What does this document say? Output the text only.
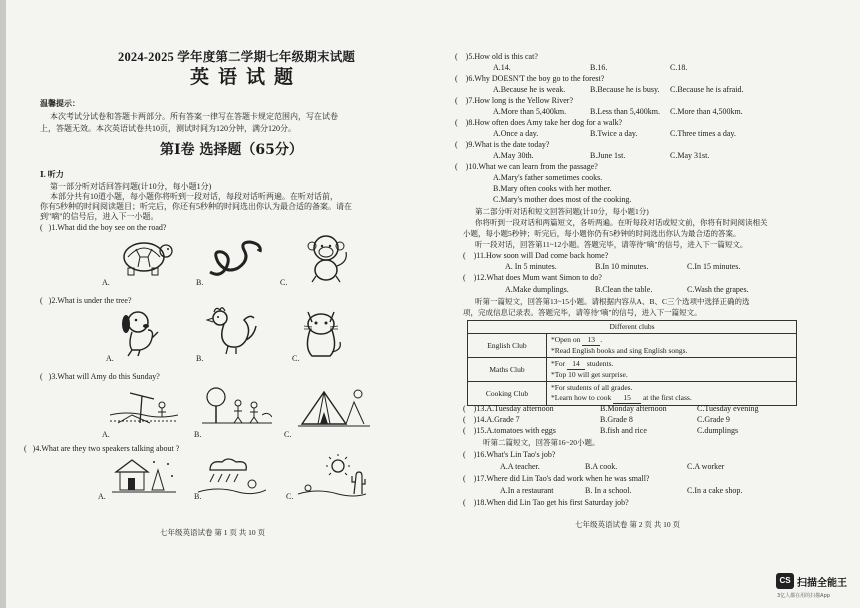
2024-2025 学年度第二学期七年级期末试题
英语试题
温馨提示：
本次考试分试卷和答题卡两部分。所有答案一律写在答题卡规定范围内，写在试卷
上，答题无效。本次英语试卷共10页，测试时间为120分钟，满分120分。
第Ⅰ卷 选择题（65分）
Ⅰ. 听力
第一部分听对话回答问题(计10分，每小题1分)
本部分共有10道小题，每小题你将听到一段对话，每段对话听两遍。在听对话前，
你有5秒种的时间阅读题目；听完后，你还有5秒种的时间选出你认为最合适的备案。请在
到"嘀"的信号后，进入下一小题。
( )1.What did the boy see on the road?
A.	B.	C.
( )2.What is under the tree?
A.	B.	C.
( )3.What will Amy do this Sunday?
A.	B.	C.
( )4.What are they two speakers talking about ?
A.	B.	C.
七年级英语试卷 第 1 页 共 10 页
( )5.How old is this cat?
A.14.	B.16.	C.18.
( )6.Why DOESN'T the boy go to the forest?
A.Because he is weak.	B.Because he is busy. C.Because he is afraid.
( )7.How long is the Yellow River?
A.More than 5,400km.	B.Less than 5,400km. C.More than 4,500km.
( )8.How often does Amy take her dog for a walk?
A.Once a day.	B.Twice a day.	C.Three times a day.
( )9.What is the date today?
A.May 30th.	B.June 1st.	C.May 31st.
( )10.What we can learn from the passage?
A.Mary's father sometimes cooks.
B.Mary often cooks with her mother.
C.Mary's mother does most of the cooking.
第二部分听对话和短文回答问题(计10分，每小题1分)
你将听到一段对话和两篇短文，各听两遍。在听每段对话或短文前，你将有时间阅读相关
小题，每小题5秒钟；听完后，每小题你仍有5秒钟的时间选出你认为最合适的答案。
听一段对话，回答第11~12小题。答题完毕，请等待"嘀"的信号，进入下一篇短文。
( )11.How soon will Dad come back home?
A. In 5 minutes.	B.In 10 minutes.	C.In 15 minutes.
( )12.What does Mum want Simon to do?
A.Make dumplings.	B.Clean the table.	C.Wash the grapes.
听第一篇短文，回答第13~15小题。请根据内容从A、B、C三个选项中选择正确的选
项，完成信息记录表。答题完毕，请等待"嘀"的信号，进入下一篇短文。
Different clubs	
English Club	*Open on 13 .
*Read English books and sing English songs.
Maths Club	*For 14 students.
*Top 10 will get surprise.
Cooking Club	*For students of all grades.
*Learn how to cook 15 at the first class.
( )13.A.Tuesday afternoon	B.Monday afternoon	C.Tuesday evening
( )14.A.Grade 7	B.Grade 8	C.Grade 9
( )15.A.tomatoes with eggs	B.fish and rice	C.dumplings
听第二篇短文，回答第16~20小题。
( )16.What's Lin Tao's job?
A.A teacher.	B.A cook.	C.A worker
( )17.Where did Lin Tao's dad work when he was small?
A.In a restaurant	B. In a school.	C.In a cake shop.
( )18.When did Lin Tao get his first Saturday job?
七年级英语试卷 第 2 页 共 10 页
CS 扫描全能王
3亿人都在用的扫描App
